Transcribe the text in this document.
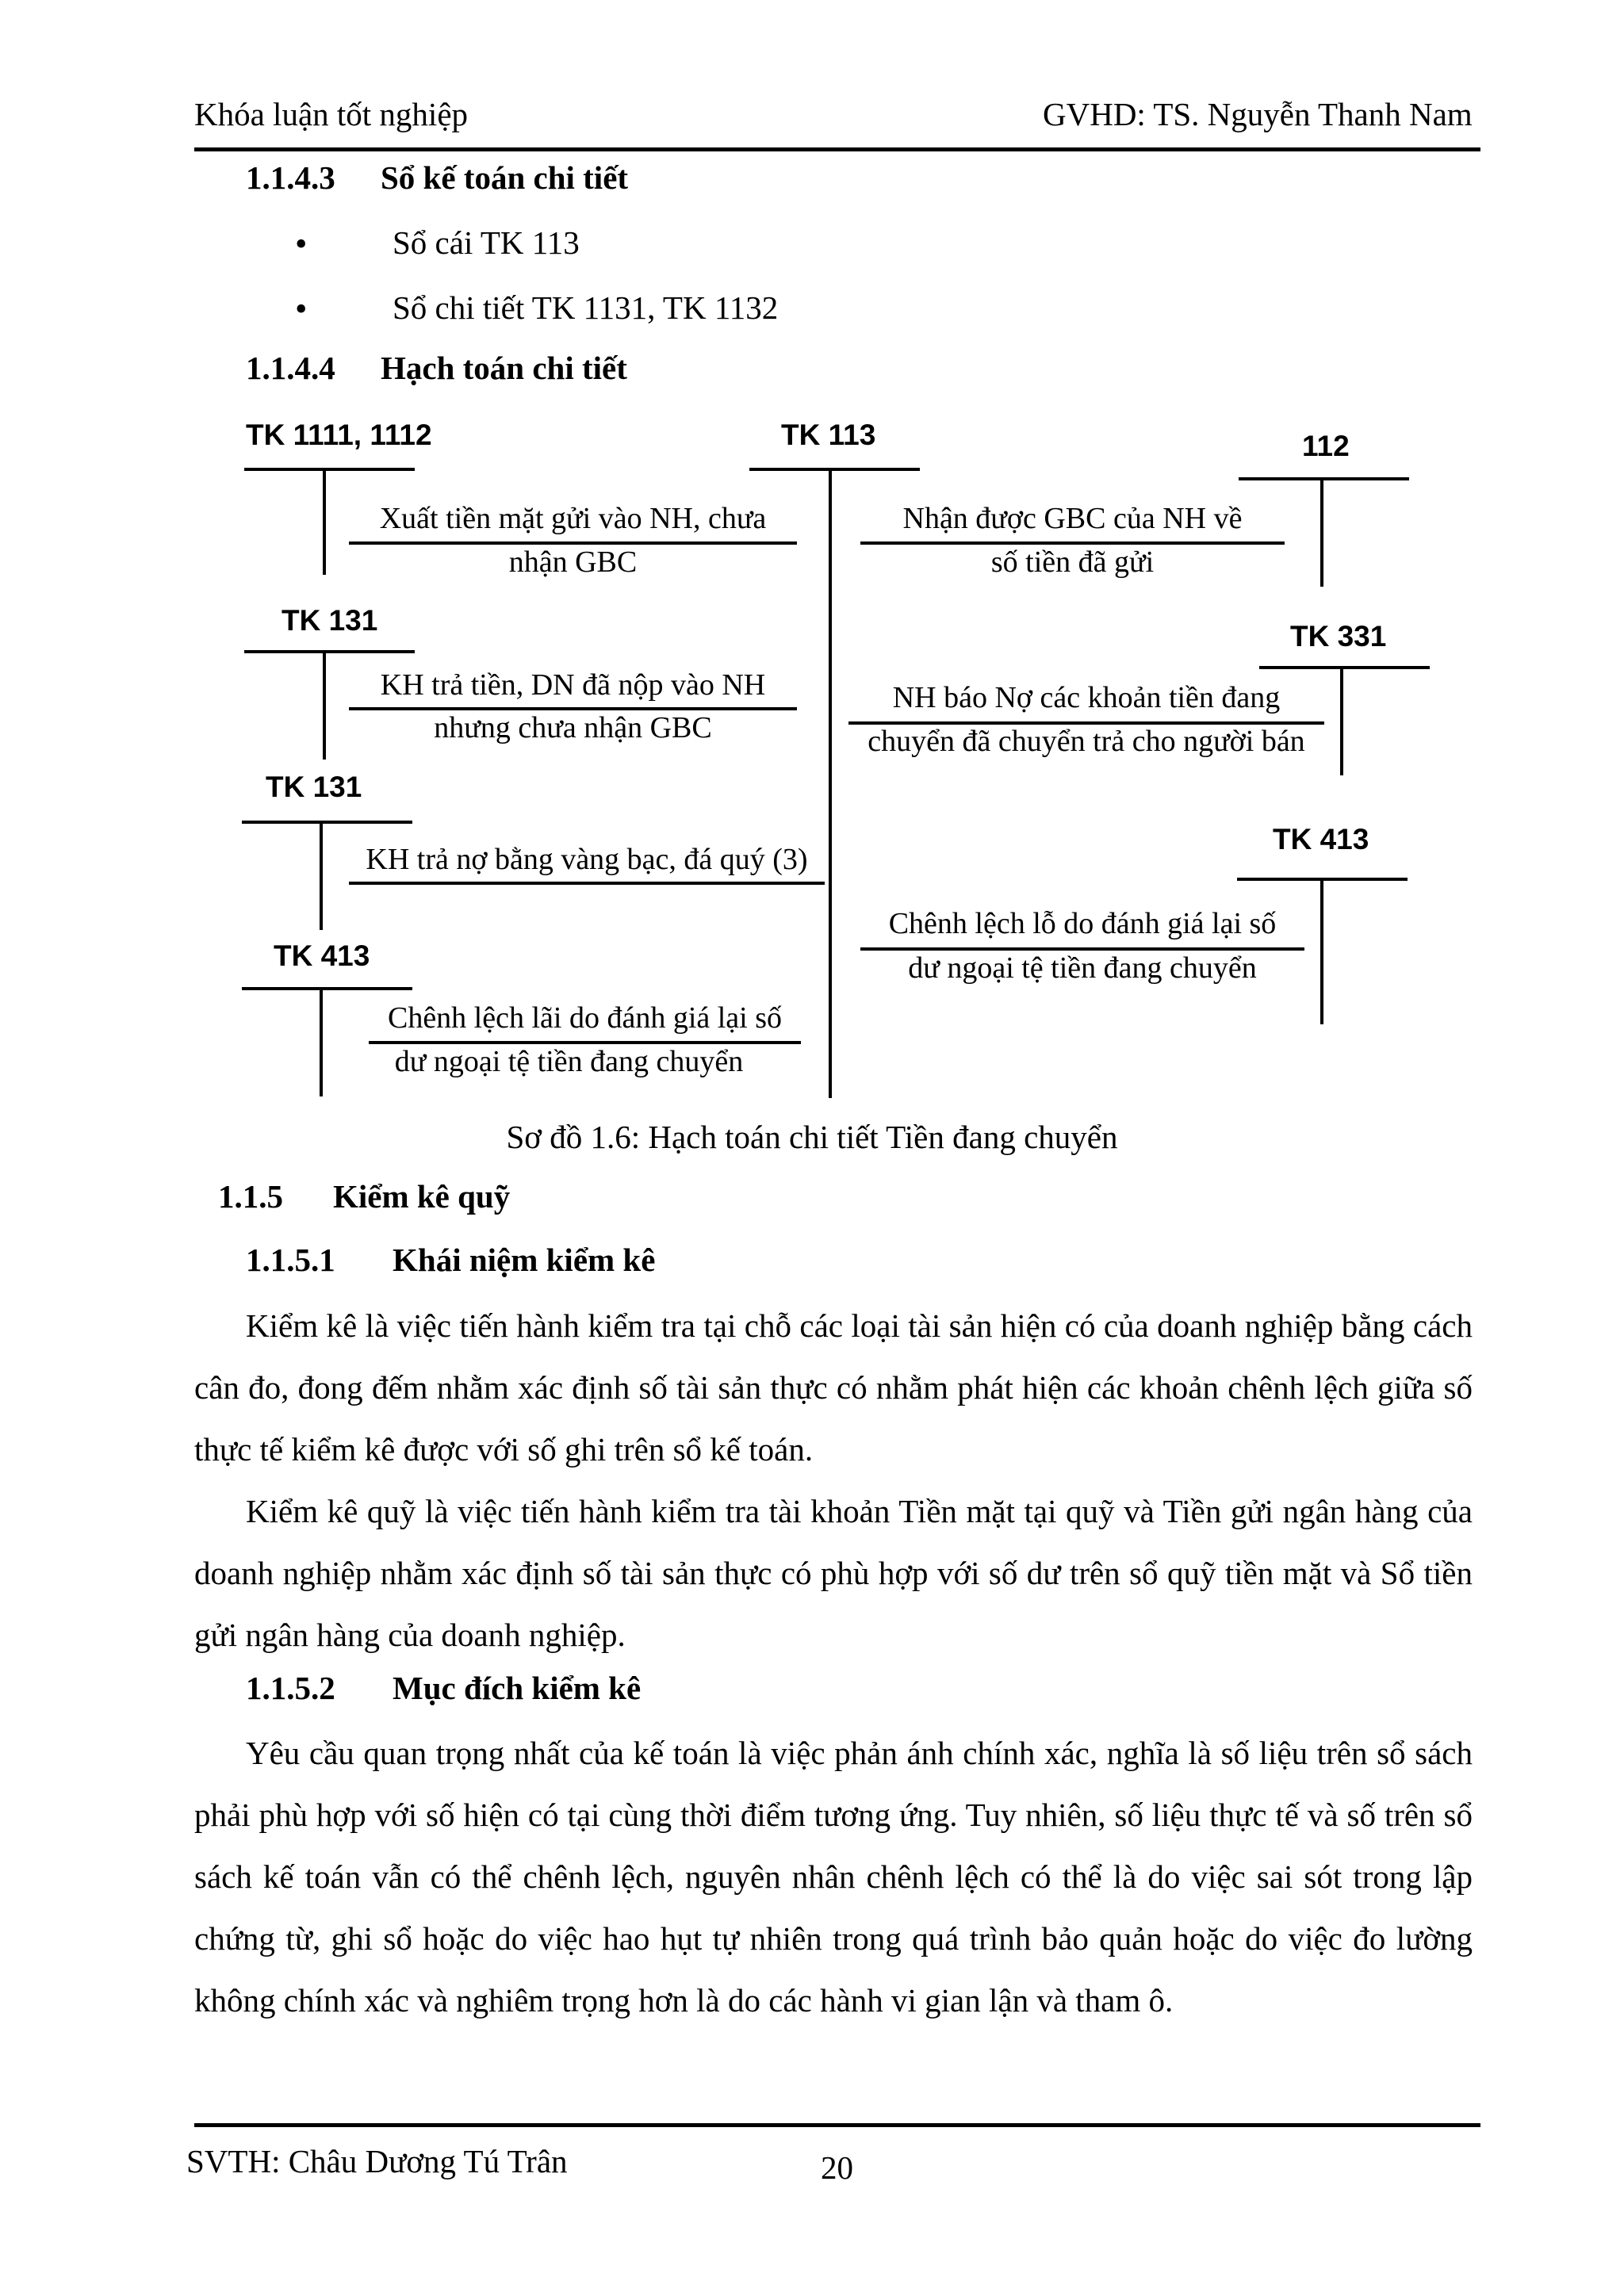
Khóa luận tốt nghiệp	GVHD: TS. Nguyễn Thanh Nam
1.1.4.3 Sổ kế toán chi tiết
•	Sổ cái TK 113
•	Sổ chi tiết TK 1131, TK 1132
1.1.4.4 Hạch toán chi tiết
TK 1111, 1112	TK 113	112
TK 131	TK 331
TK 131
TK 413
TK 413
Xuất tiền mặt gửi vào NH, chưa
nhận GBC
Nhận được GBC của NH về
số tiền đã gửi
KH trả tiền, DN đã nộp vào NH
nhưng chưa nhận GBC
NH báo Nợ các khoản tiền đang
chuyển đã chuyển trả cho người bán
KH trả nợ bằng vàng bạc, đá quý (3)
Chênh lệch lỗ do đánh giá lại số
dư ngoại tệ tiền đang chuyển
Chênh lệch lãi do đánh giá lại số
dư ngoại tệ tiền đang chuyển
Sơ đồ 1.6: Hạch toán chi tiết Tiền đang chuyển
1.1.5 Kiểm kê quỹ
1.1.5.1 Khái niệm kiểm kê

Kiểm kê là việc tiến hành kiểm tra tại chỗ các loại tài sản hiện có của doanh nghiệp bằng cách cân đo, đong đếm nhằm xác định số tài sản thực có nhằm phát hiện các khoản chênh lệch giữa số thực tế kiểm kê được với số ghi trên sổ kế toán.

Kiểm kê quỹ là việc tiến hành kiểm tra tài khoản Tiền mặt tại quỹ và Tiền gửi ngân hàng của doanh nghiệp nhằm xác định số tài sản thực có phù hợp với số dư trên sổ quỹ tiền mặt và Sổ tiền gửi ngân hàng của doanh nghiệp.

1.1.5.2 Mục đích kiểm kê

Yêu cầu quan trọng nhất của kế toán là việc phản ánh chính xác, nghĩa là số liệu trên sổ sách phải phù hợp với số hiện có tại cùng thời điểm tương ứng. Tuy nhiên, số liệu thực tế và số trên sổ sách kế toán vẫn có thể chênh lệch, nguyên nhân chênh lệch có thể là do việc sai sót trong lập chứng từ, ghi sổ hoặc do việc hao hụt tự nhiên trong quá trình bảo quản hoặc do việc đo lường không chính xác và nghiêm trọng hơn là do các hành vi gian lận và tham ô.

SVTH: Châu Dương Tú Trân	20
